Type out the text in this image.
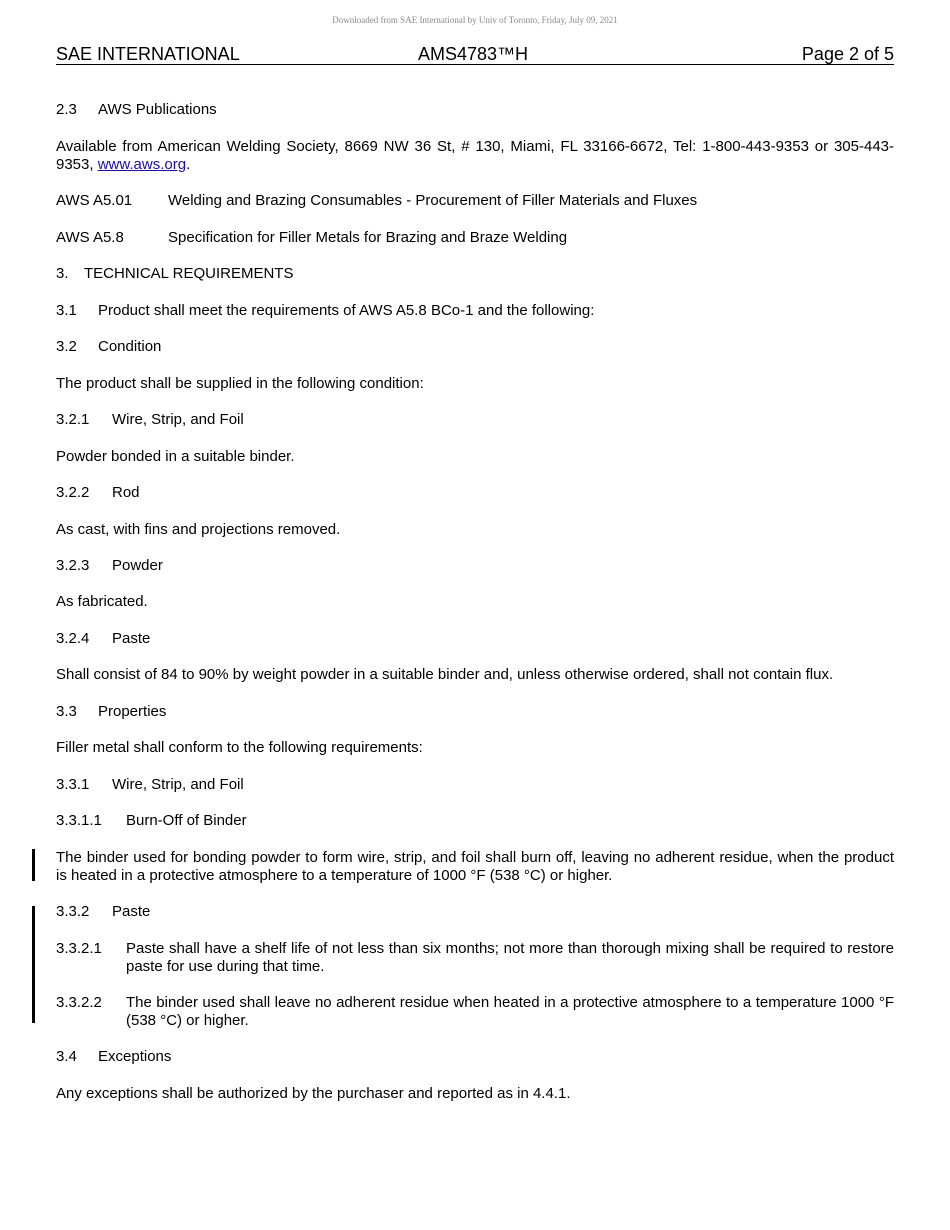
Downloaded from SAE International by Univ of Toronto, Friday, July 09, 2021
SAE INTERNATIONAL	AMS4783™H	Page 2 of 5
2.3 AWS Publications
Available from American Welding Society, 8669 NW 36 St, # 130, Miami, FL 33166-6672, Tel: 1-800-443-9353 or 305-443-9353, www.aws.org.
AWS A5.01 Welding and Brazing Consumables - Procurement of Filler Materials and Fluxes
AWS A5.8	Specification for Filler Metals for Brazing and Braze Welding
3. TECHNICAL REQUIREMENTS
3.1 Product shall meet the requirements of AWS A5.8 BCo-1 and the following:
3.2 Condition
The product shall be supplied in the following condition:
3.2.1 Wire, Strip, and Foil
Powder bonded in a suitable binder.
3.2.2 Rod
As cast, with fins and projections removed.
3.2.3 Powder
As fabricated.
3.2.4 Paste
Shall consist of 84 to 90% by weight powder in a suitable binder and, unless otherwise ordered, shall not contain flux.
3.3 Properties
Filler metal shall conform to the following requirements:
3.3.1 Wire, Strip, and Foil
3.3.1.1 Burn-Off of Binder
The binder used for bonding powder to form wire, strip, and foil shall burn off, leaving no adherent residue, when the product is heated in a protective atmosphere to a temperature of 1000 °F (538 °C) or higher.
3.3.2 Paste
3.3.2.1 Paste shall have a shelf life of not less than six months; not more than thorough mixing shall be required to restore paste for use during that time.
3.3.2.2 The binder used shall leave no adherent residue when heated in a protective atmosphere to a temperature 1000 °F (538 °C) or higher.
3.4 Exceptions
Any exceptions shall be authorized by the purchaser and reported as in 4.4.1.
